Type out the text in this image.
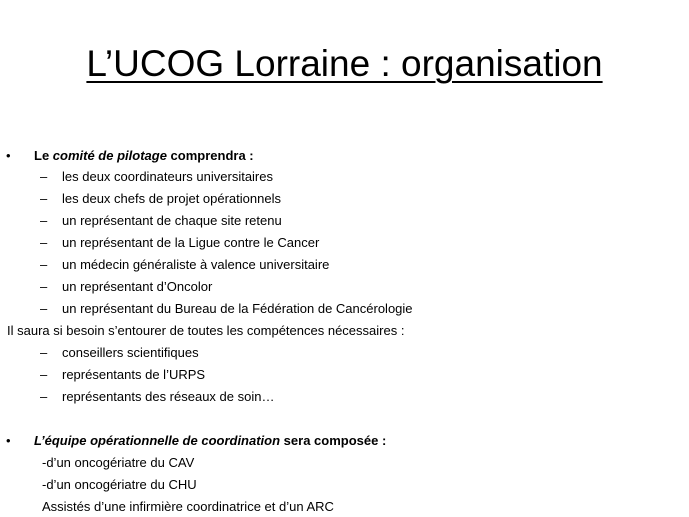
L’UCOG Lorraine : organisation
• Le comité de pilotage comprendra :
– les deux coordinateurs universitaires
– les deux chefs de projet opérationnels
– un représentant de chaque site retenu
– un représentant de la Ligue contre le Cancer
– un médecin généraliste à valence universitaire
– un représentant d’Oncolor
– un représentant du Bureau de la Fédération de Cancérologie
Il saura si besoin s’entourer de toutes les compétences nécessaires :
– conseillers scientifiques
– représentants de l’URPS
– représentants des réseaux de soin…
• L’équipe opérationnelle de coordination sera composée :
-d’un oncogériatre du CAV
-d’un oncogériatre du CHU
Assistés d’une infirmière coordinatrice et d’un ARC
